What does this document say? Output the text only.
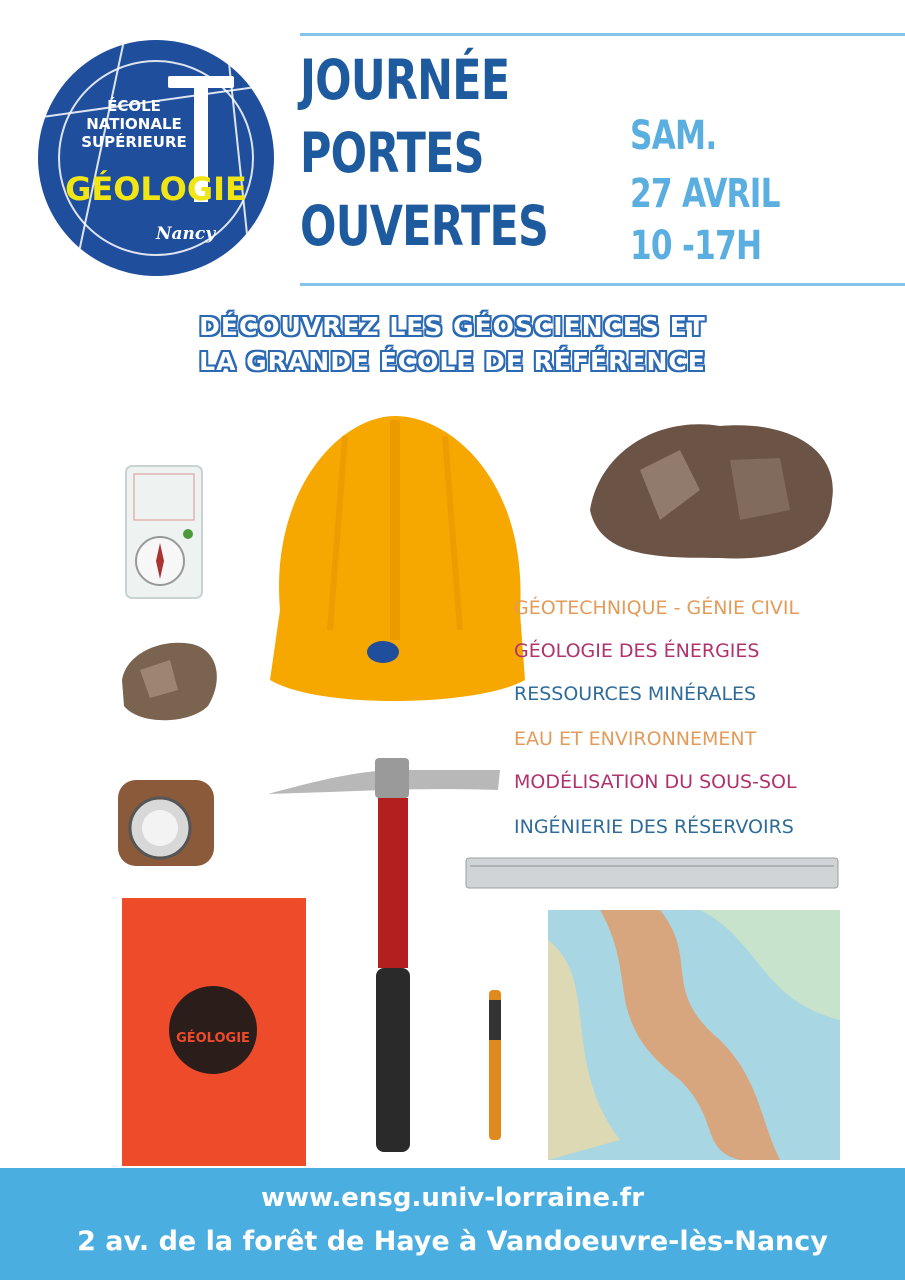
ÉCOLE
NATIONALE
SUPÉRIEURE
GÉOLOGIE
Nancy
JOURNÉE
PORTES
OUVERTES
SAM.
27 AVRIL
10 -17H
DÉCOUVREZ LES GÉOSCIENCES ET
LA GRANDE ÉCOLE DE RÉFÉRENCE
GÉOLOGIE
GÉOTECHNIQUE - GÉNIE CIVIL
GÉOLOGIE DES ÉNERGIES
RESSOURCES MINÉRALES
EAU ET ENVIRONNEMENT
MODÉLISATION DU SOUS-SOL
INGÉNIERIE DES RÉSERVOIRS
www.ensg.univ-lorraine.fr
2 av. de la forêt de Haye à Vandoeuvre-lès-Nancy
